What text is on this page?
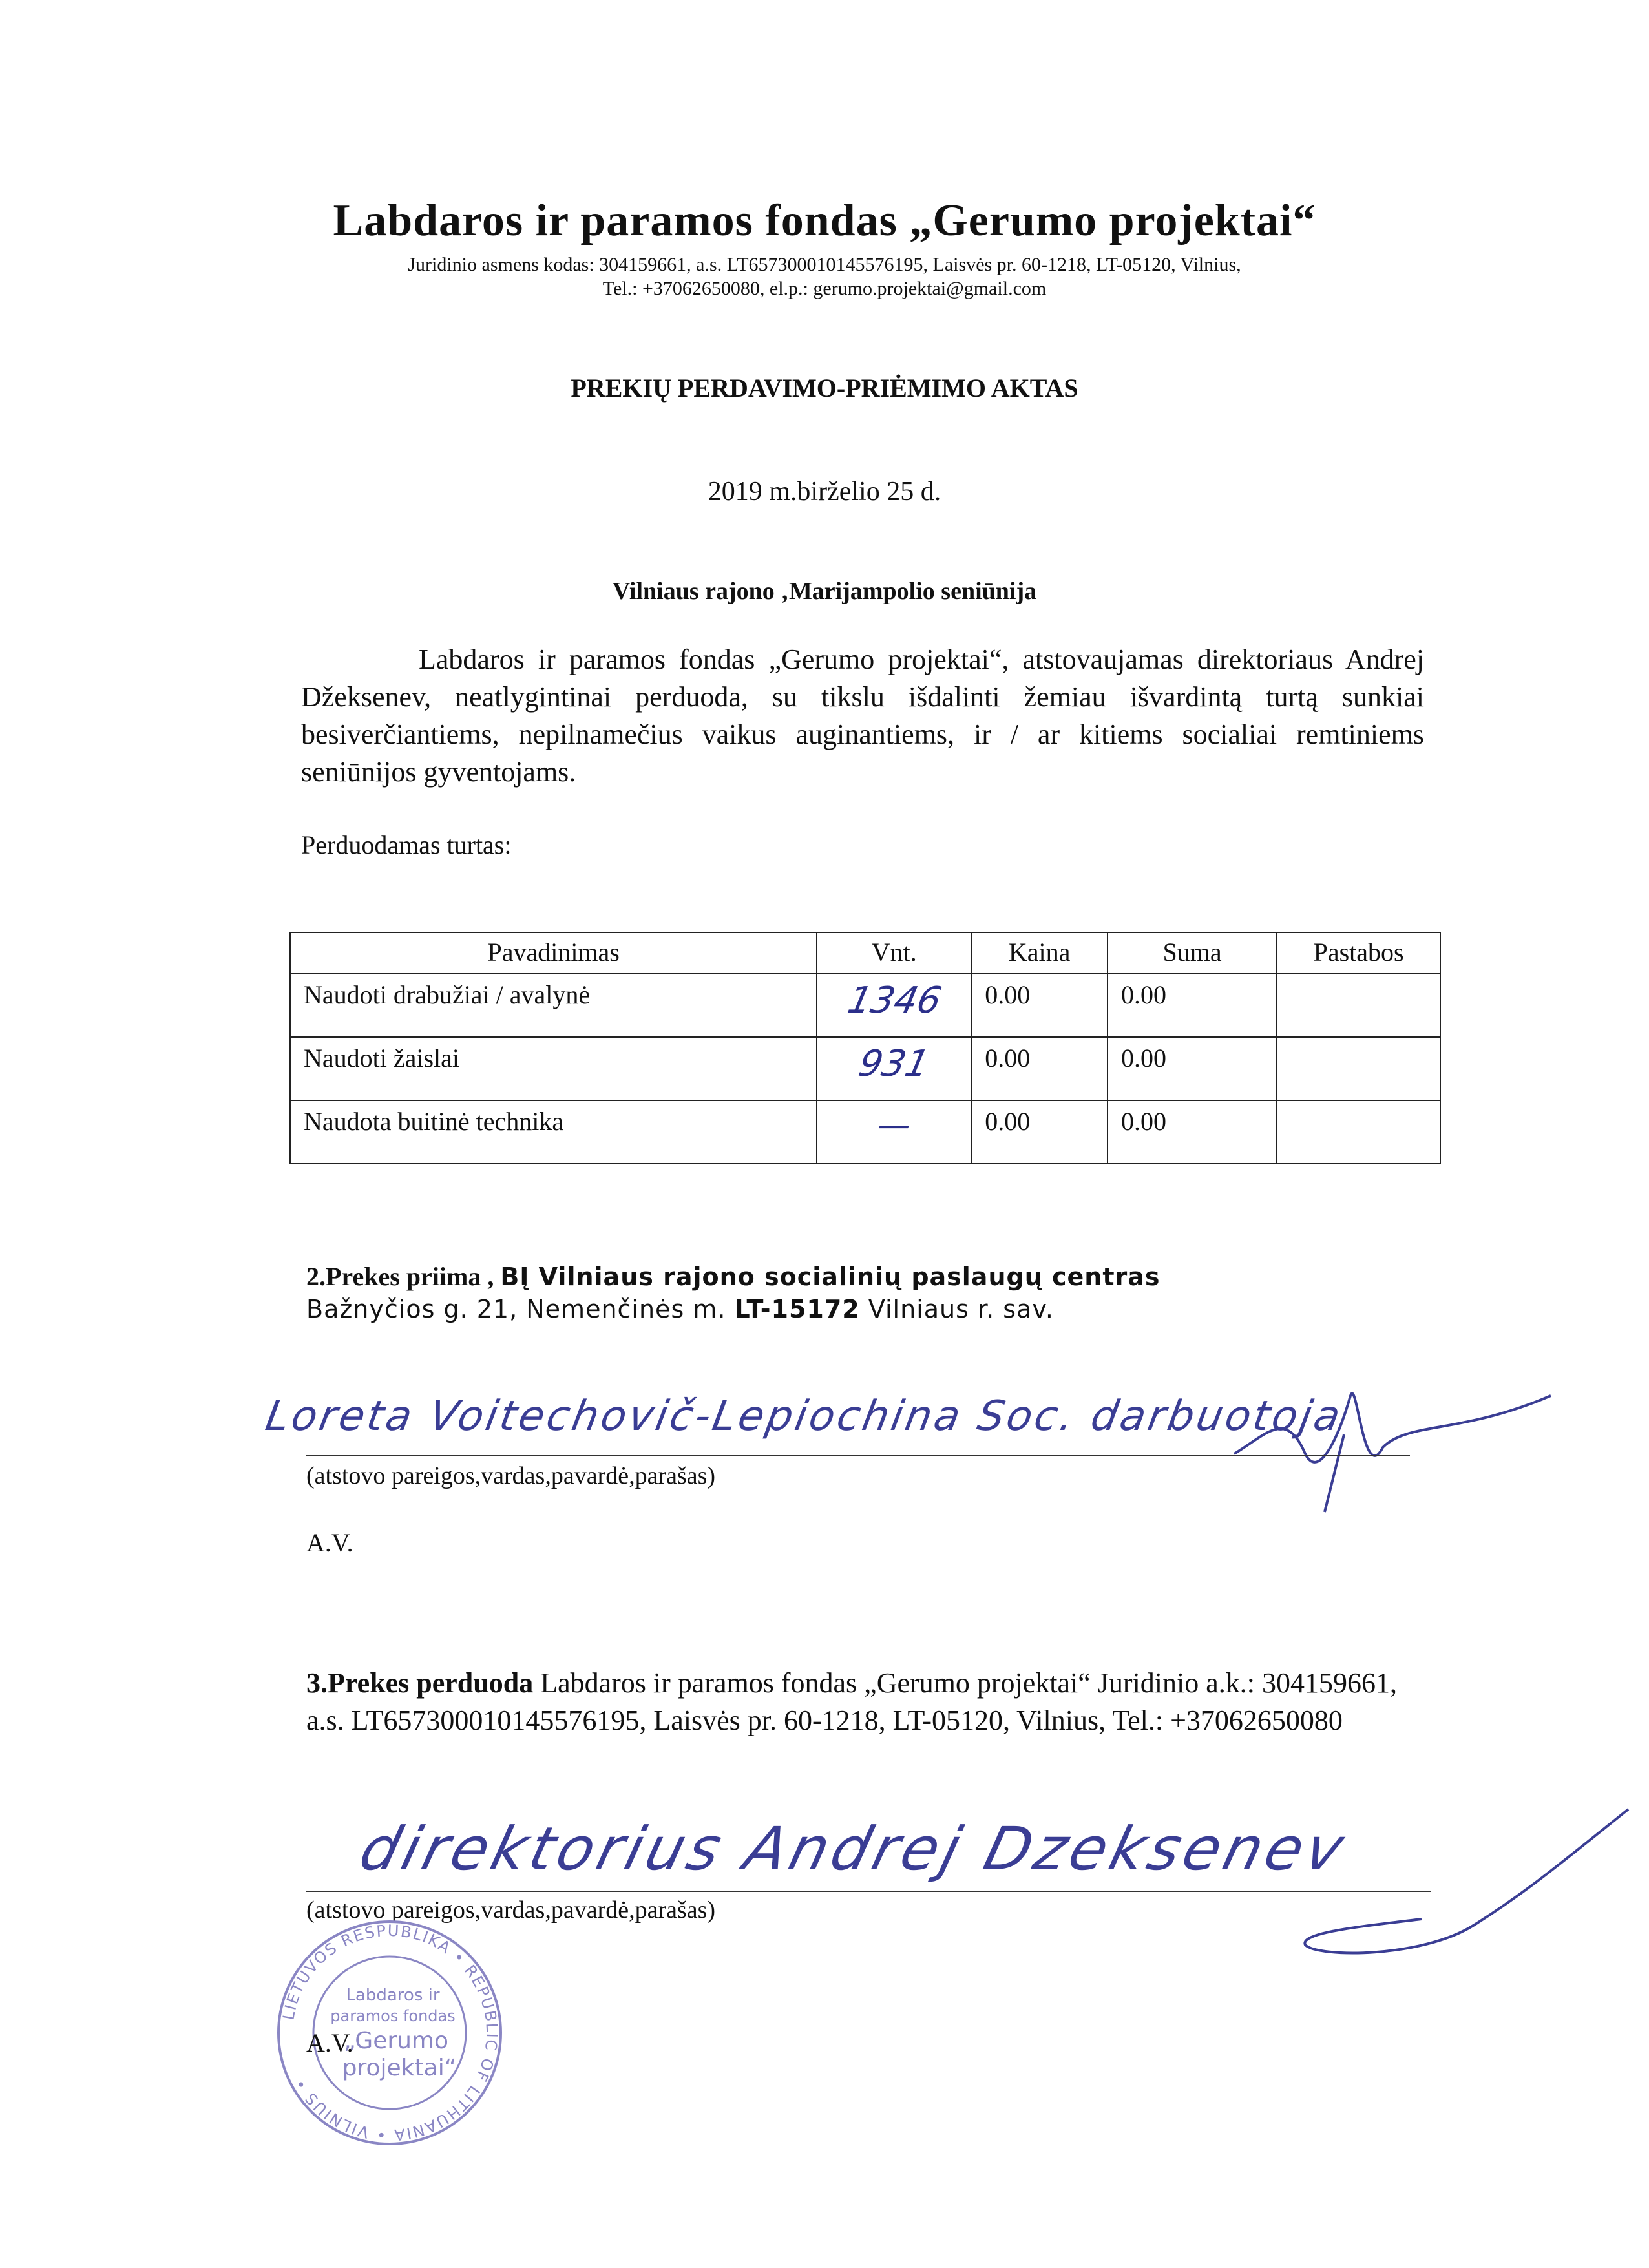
Labdaros ir paramos fondas „Gerumo projektai“
Juridinio asmens kodas: 304159661, a.s. LT657300010145576195, Laisvės pr. 60-1218, LT-05120, Vilnius,
Tel.: +37062650080, el.p.: gerumo.projektai@gmail.com
PREKIŲ PERDAVIMO-PRIĖMIMO AKTAS
2019 m.birželio 25 d.
Vilniaus rajono ‚Marijampolio seniūnija
Labdaros ir paramos fondas „Gerumo projektai“, atstovaujamas direktoriaus Andrej Džeksenev, neatlygintinai perduoda, su tikslu išdalinti žemiau išvardintą turtą sunkiai besiverčiantiems, nepilnamečius vaikus auginantiems, ir / ar kitiems socialiai remtiniems seniūnijos gyventojams.
Perduodamas turtas:
Pavadinimas	Vnt.	Kaina	Suma	Pastabos
Naudoti drabužiai / avalynė	1346	0.00	0.00	
Naudoti žaislai	931	0.00	0.00	
Naudota buitinė technika	—	0.00	0.00	
2.Prekes priima , BĮ Vilniaus rajono socialinių paslaugų centras
Bažnyčios g. 21, Nemenčinės m. LT-15172 Vilniaus r. sav.
Loreta Voitechovič-Lepiochina Soc. darbuotoja
(atstovo pareigos,vardas,pavardė,parašas)
A.V.
3.Prekes perduoda Labdaros ir paramos fondas „Gerumo projektai“ Juridinio a.k.: 304159661, a.s. LT657300010145576195, Laisvės pr. 60-1218, LT-05120, Vilnius, Tel.: +37062650080
direktorius Andrej Dzeksenev
(atstovo pareigos,vardas,pavardė,parašas)
LIETUVOS RESPUBLIKA • REPUBLIC OF LITHUANIA • VILNIUS •
Labdaros ir
paramos fondas
„Gerumo
projektai“
A.V.
